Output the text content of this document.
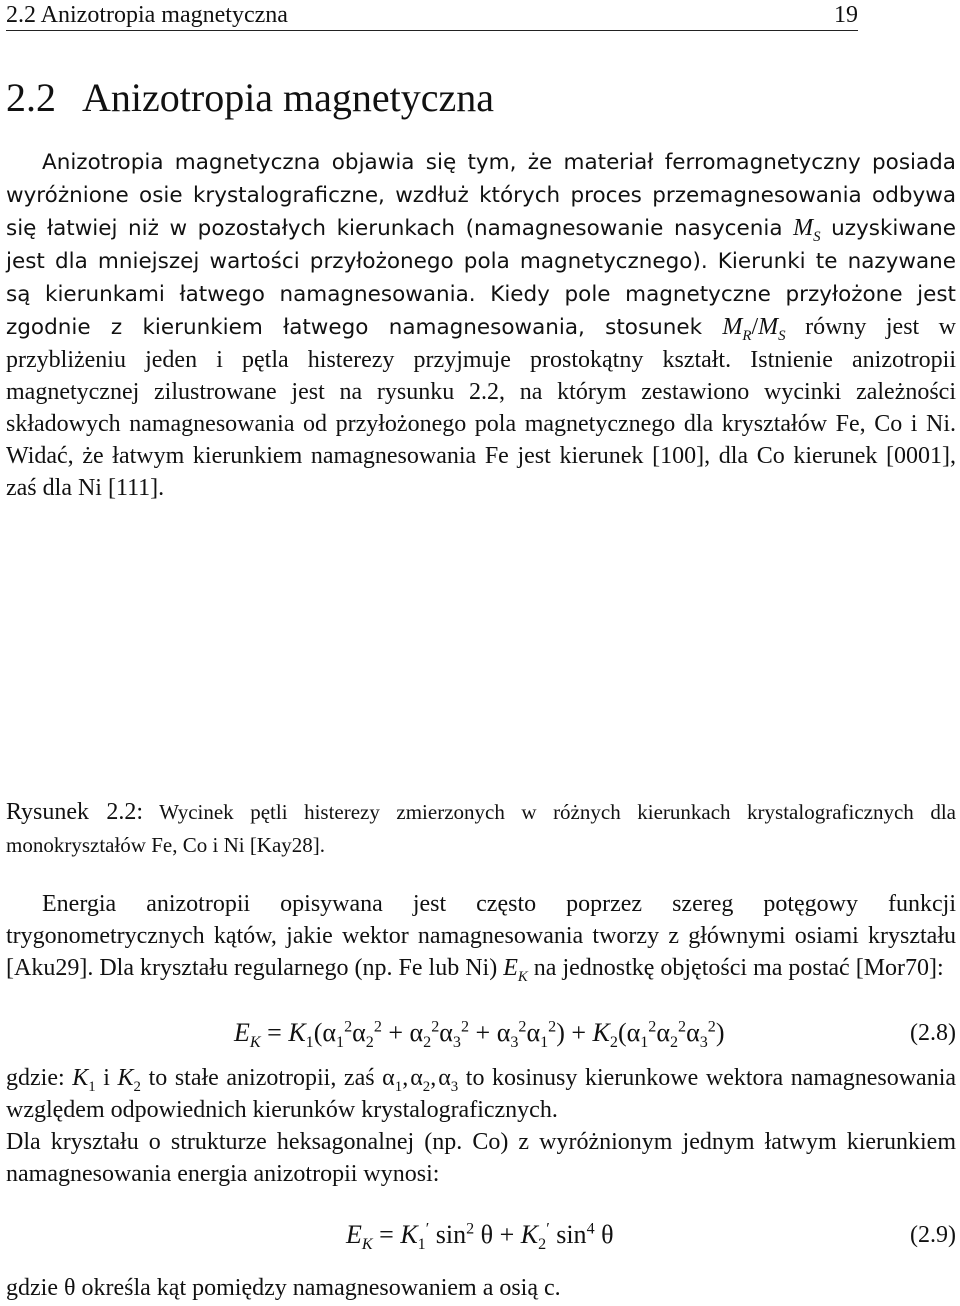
2.2 Anizotropia magnetyczna	19
2.2 Anizotropia magnetyczna

Anizotropia magnetyczna objawia się tym, że materiał ferromagnetyczny posiada wyróżnione osie krystalograficzne, wzdłuż których proces przemagnesowania odbywa się łatwiej niż w pozostałych kierunkach (namagnesowanie nasycenia $M_S$ uzyskiwane jest dla mniejszej wartości przyłożonego pola magnetycznego). Kierunki te nazywane są kierunkami łatwego namagnesowania. Kiedy pole magnetyczne przyłożone jest zgodnie z kierunkiem łatwego namagnesowania, stosunek $M_R/M_S$ równy jest w przybliżeniu jeden i pętla histerezy przyjmuje prostokątny kształt. Istnienie anizotropii magnetycznej zilustrowane jest na rysunku 2.2, na którym zestawiono wycinki zależności składowych namagnesowania od przyłożonego pola magnetycznego dla kryształów Fe, Co i Ni. Widać, że łatwym kierunkiem namagnesowania Fe jest kierunek [100], dla Co kierunek [0001], zaś dla Ni [111].

Rysunek 2.2: Wycinek pętli histerezy zmierzonych w różnych kierunkach krystalograficznych dla monokryształów Fe, Co i Ni [Kay28].

Energia anizotropii opisywana jest często poprzez szereg potęgowy funkcji trygonometrycznych kątów, jakie wektor namagnesowania tworzy z głównymi osiami kryształu [Aku29]. Dla kryształu regularnego (np. Fe lub Ni) $E_K$ na jednostkę objętości ma postać [Mor70]:

$E_K = K_1(\alpha_1^2\alpha_2^2 + \alpha_2^2\alpha_3^2 + \alpha_3^2\alpha_1^2) + K_2(\alpha_1^2\alpha_2^2\alpha_3^2)$	(2.8)

gdzie: $K_1$ i $K_2$ to stałe anizotropii, zaś $\alpha_1$, $\alpha_2$, $\alpha_3$ to kosinusy kierunkowe wektora namagnesowania względem odpowiednich kierunków krystalograficznych.

Dla kryształu o strukturze heksagonalnej (np. Co) z wyróżnionym jednym łatwym kierunkiem namagnesowania energia anizotropii wynosi:

$E_K = K_1'$ $\sin^2 \theta + K_2'$ $\sin^4 \theta$	(2.9)

gdzie θ określa kąt pomiędzy namagnesowaniem a osią c.
